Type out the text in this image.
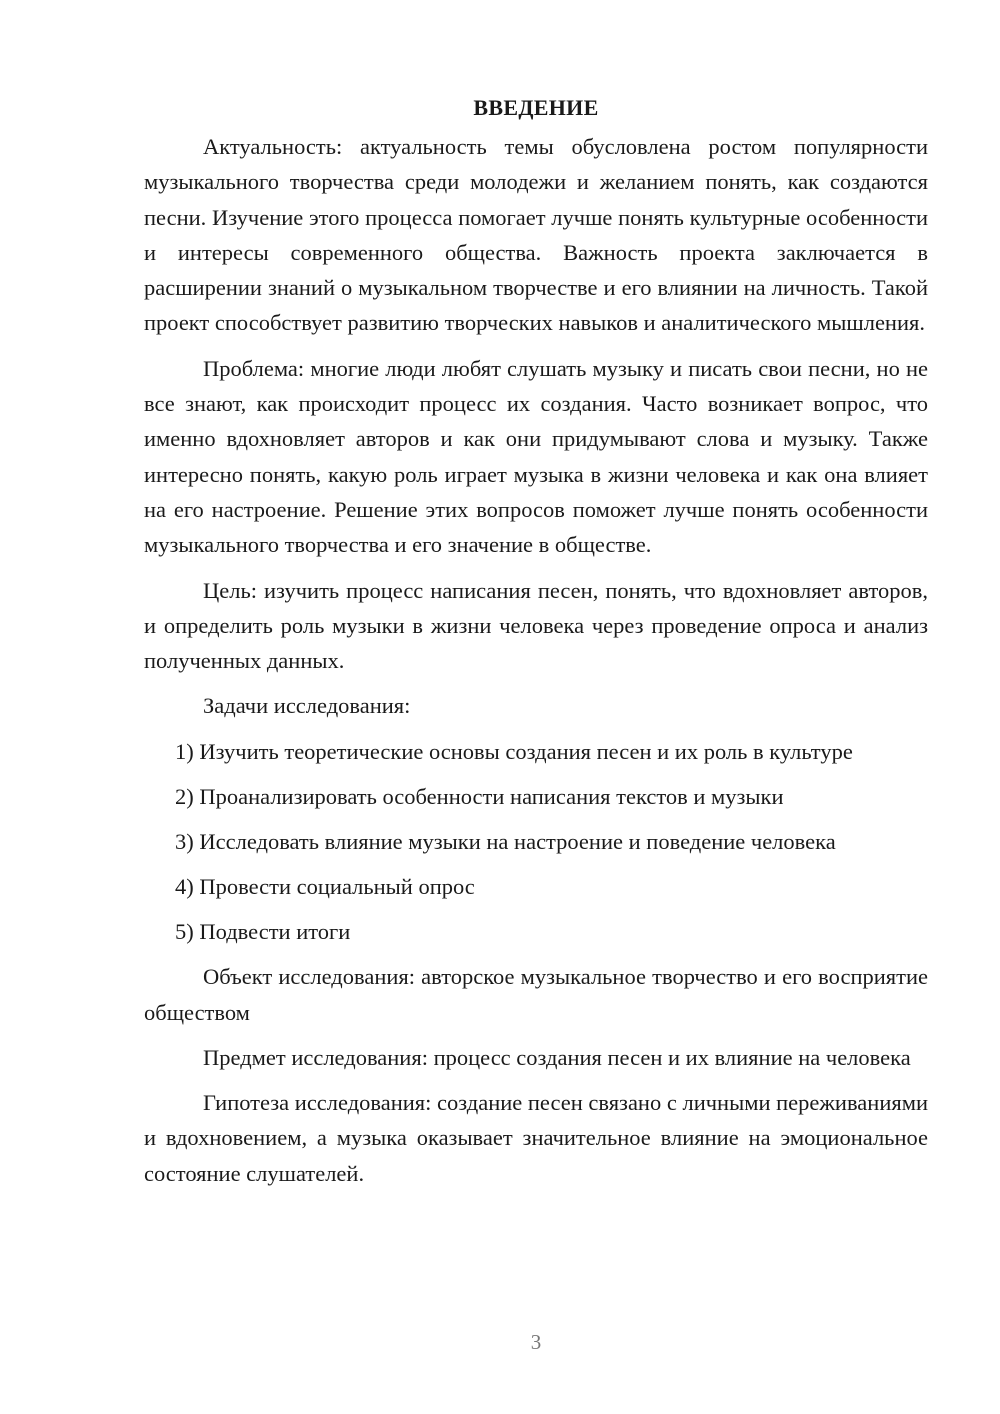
ВВЕДЕНИЕ

Актуальность: актуальность темы обусловлена ростом популярности музыкального творчества среди молодежи и желанием понять, как создаются песни. Изучение этого процесса помогает лучше понять культурные особенности и интересы современного общества. Важность проекта заключается в расширении знаний о музыкальном творчестве и его влиянии на личность. Такой проект способствует развитию творческих навыков и аналитического мышления.

Проблема: многие люди любят слушать музыку и писать свои песни, но не все знают, как происходит процесс их создания. Часто возникает вопрос, что именно вдохновляет авторов и как они придумывают слова и музыку. Также интересно понять, какую роль играет музыка в жизни человека и как она влияет на его настроение. Решение этих вопросов поможет лучше понять особенности музыкального творчества и его значение в обществе.

Цель: изучить процесс написания песен, понять, что вдохновляет авторов, и определить роль музыки в жизни человека через проведение опроса и анализ полученных данных.

Задачи исследования:

1) Изучить теоретические основы создания песен и их роль в культуре
2) Проанализировать особенности написания текстов и музыки
3) Исследовать влияние музыки на настроение и поведение человека
4) Провести социальный опрос
5) Подвести итоги

Объект исследования: авторское музыкальное творчество и его восприятие обществом

Предмет исследования: процесс создания песен и их влияние на человека

Гипотеза исследования: создание песен связано с личными переживаниями и вдохновением, а музыка оказывает значительное влияние на эмоциональное состояние слушателей.

3
